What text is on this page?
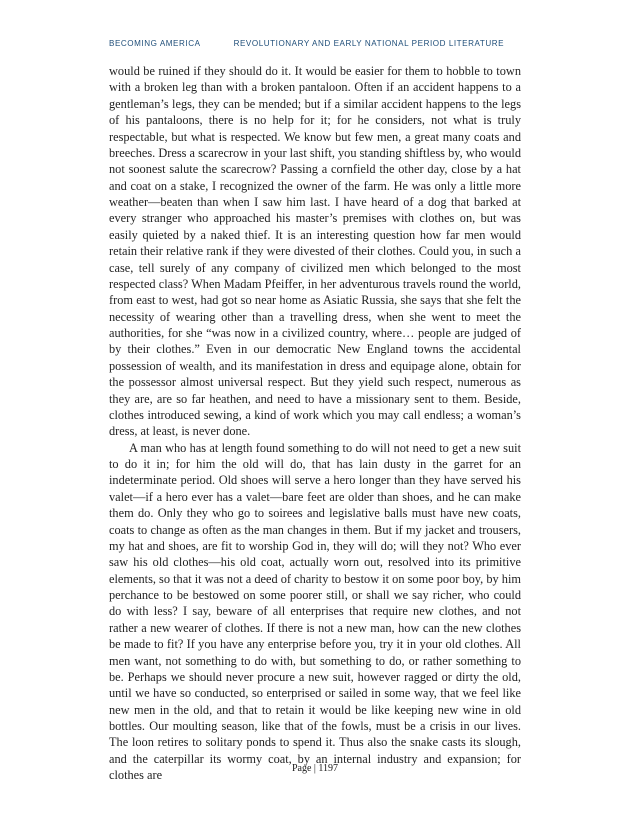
BECOMING AMERICA	REVOLUTIONARY AND EARLY NATIONAL PERIOD LITERATURE

would be ruined if they should do it. It would be easier for them to hobble to town with a broken leg than with a broken pantaloon. Often if an accident happens to a gentleman’s legs, they can be mended; but if a similar accident happens to the legs of his pantaloons, there is no help for it; for he considers, not what is truly respectable, but what is respected. We know but few men, a great many coats and breeches. Dress a scarecrow in your last shift, you standing shiftless by, who would not soonest salute the scarecrow? Passing a cornfield the other day, close by a hat and coat on a stake, I recognized the owner of the farm. He was only a little more weather—beaten than when I saw him last. I have heard of a dog that barked at every stranger who approached his master’s premises with clothes on, but was easily quieted by a naked thief. It is an interesting question how far men would retain their relative rank if they were divested of their clothes. Could you, in such a case, tell surely of any company of civilized men which belonged to the most respected class? When Madam Pfeiffer, in her adventurous travels round the world, from east to west, had got so near home as Asiatic Russia, she says that she felt the necessity of wearing other than a travelling dress, when she went to meet the authorities, for she “was now in a civilized country, where… people are judged of by their clothes.” Even in our democratic New England towns the accidental possession of wealth, and its manifestation in dress and equipage alone, obtain for the possessor almost universal respect. But they yield such respect, numerous as they are, are so far heathen, and need to have a missionary sent to them. Beside, clothes introduced sewing, a kind of work which you may call endless; a woman’s dress, at least, is never done.

A man who has at length found something to do will not need to get a new suit to do it in; for him the old will do, that has lain dusty in the garret for an indeterminate period. Old shoes will serve a hero longer than they have served his valet—if a hero ever has a valet—bare feet are older than shoes, and he can make them do. Only they who go to soirees and legislative balls must have new coats, coats to change as often as the man changes in them. But if my jacket and trousers, my hat and shoes, are fit to worship God in, they will do; will they not? Who ever saw his old clothes—his old coat, actually worn out, resolved into its primitive elements, so that it was not a deed of charity to bestow it on some poor boy, by him perchance to be bestowed on some poorer still, or shall we say richer, who could do with less? I say, beware of all enterprises that require new clothes, and not rather a new wearer of clothes. If there is not a new man, how can the new clothes be made to fit? If you have any enterprise before you, try it in your old clothes. All men want, not something to do with, but something to do, or rather something to be. Perhaps we should never procure a new suit, however ragged or dirty the old, until we have so conducted, so enterprised or sailed in some way, that we feel like new men in the old, and that to retain it would be like keeping new wine in old bottles. Our moulting season, like that of the fowls, must be a crisis in our lives. The loon retires to solitary ponds to spend it. Thus also the snake casts its slough, and the caterpillar its wormy coat, by an internal industry and expansion; for clothes are	Page | 1197
